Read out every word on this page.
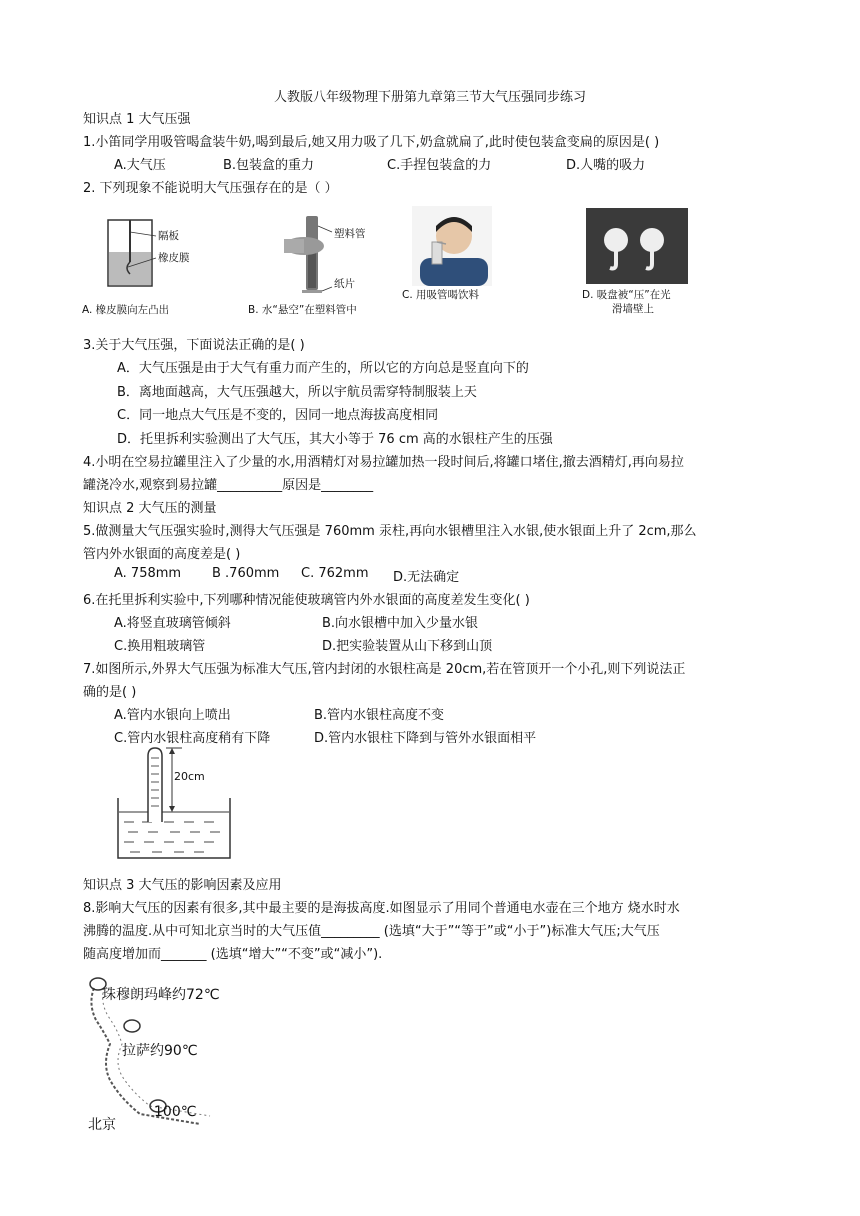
人教版八年级物理下册第九章第三节大气压强同步练习
知识点 1 大气压强
1.小笛同学用吸管喝盒装牛奶,喝到最后,她又用力吸了几下,奶盒就扁了,此时使包装盒变扁的原因是( )
A.大气压	B.包装盒的重力	C.手捏包装盒的力	D.人嘴的吸力
2. 下列现象不能说明大气压强存在的是（ ）
隔板
橡皮膜
A. 橡皮膜向左凸出
塑料管
纸片
B. 水“悬空”在塑料管中
C. 用吸管喝饮料	D. 吸盘被“压”在光
滑墙壁上
3.关于大气压强，下面说法正确的是( )
A．大气压强是由于大气有重力而产生的，所以它的方向总是竖直向下的
B．离地面越高，大气压强越大，所以宇航员需穿特制服装上天
C．同一地点大气压是不变的，因同一地点海拔高度相同
D．托里拆利实验测出了大气压，其大小等于 76 cm 高的水银柱产生的压强
4.小明在空易拉罐里注入了少量的水,用酒精灯对易拉罐加热一段时间后,将罐口堵住,撤去酒精灯,再向易拉
罐浇冷水,观察到易拉罐__________原因是________
知识点 2 大气压的测量
5.做测量大气压强实验时,测得大气压强是 760mm 汞柱,再向水银槽里注入水银,使水银面上升了 2cm,那么
管内外水银面的高度差是( )
A. 758mm B .760mm C. 762mm D.无法确定
6.在托里拆利实验中,下列哪种情况能使玻璃管内外水银面的高度差发生变化( )
A.将竖直玻璃管倾斜	B.向水银槽中加入少量水银
C.换用粗玻璃管	D.把实验装置从山下移到山顶
7.如图所示,外界大气压强为标准大气压,管内封闭的水银柱高是 20cm,若在管顶开一个小孔,则下列说法正
确的是( )
A.管内水银向上喷出	B.管内水银柱高度不变
C.管内水银柱高度稍有下降	D.管内水银柱下降到与管外水银面相平
20cm
知识点 3 大气压的影响因素及应用
8.影响大气压的因素有很多,其中最主要的是海拔高度.如图显示了用同个普通电水壶在三个地方 烧水时水
沸腾的温度.从中可知北京当时的大气压值_________ (选填“大于”“等于”或“小于”)标准大气压;大气压
随高度增加而_______ (选填“增大”“不变”或“减小”).
珠穆朗玛峰约72℃
拉萨约90℃
北京
100℃
